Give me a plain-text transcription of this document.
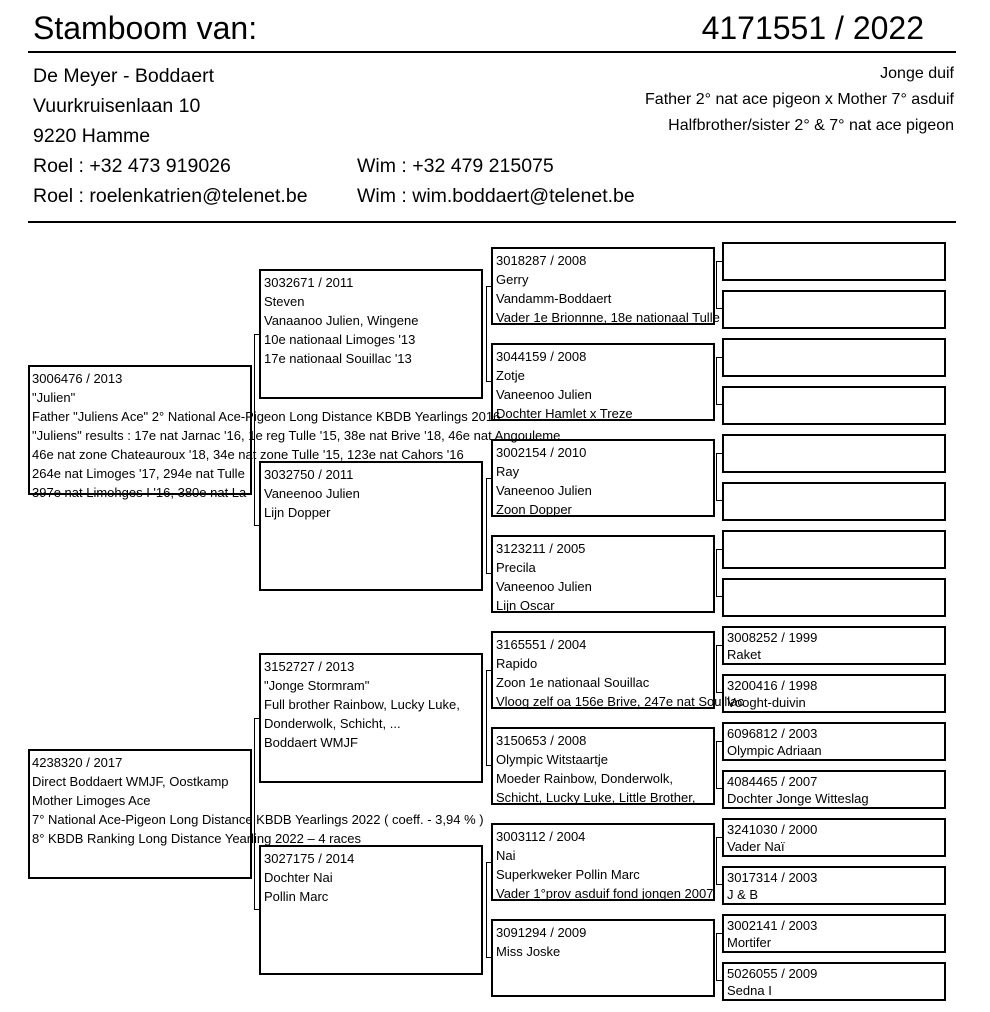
Stamboom van:	4171551 / 2022
De Meyer - Boddaert
Vuurkruisenlaan 10
9220 Hamme
Roel : +32 473 919026	Wim : +32 479 215075
Roel : roelenkatrien@telenet.be	Wim : wim.boddaert@telenet.be
Jonge duif
Father 2° nat ace pigeon x Mother 7° asduif
Halfbrother/sister 2° & 7° nat ace pigeon
3006476 / 2013
"Julien"
Father "Juliens Ace" 2° National Ace-Pigeon Long Distance KBDB Yearlings 2016
"Juliens" results : 17e nat Jarnac '16, 1e reg Tulle '15, 38e nat Brive '18, 46e nat Angouleme
46e nat zone Chateauroux '18, 34e nat zone Tulle '15, 123e nat Cahors '16
264e nat Limoges '17, 294e nat Tulle
397e nat Limohges I '16, 380e nat La
4238320 / 2017
Direct Boddaert WMJF, Oostkamp
Mother Limoges Ace
7° National Ace-Pigeon Long Distance KBDB Yearlings 2022 ( coeff. - 3,94 % )
8° KBDB Ranking Long Distance Yearling 2022 – 4 races
3032671 / 2011
Steven
Vanaanoo Julien, Wingene
10e nationaal Limoges '13
17e nationaal Souillac '13
3032750 / 2011
Vaneenoo Julien
Lijn Dopper
3152727 / 2013
"Jonge Stormram"
Full brother Rainbow, Lucky Luke,
Donderwolk, Schicht, ...
Boddaert WMJF
3027175 / 2014
Dochter Nai
Pollin Marc
3018287 / 2008
Gerry
Vandamm-Boddaert
Vader 1e Brionnne, 18e nationaal Tulle
3044159 / 2008
Zotje
Vaneenoo Julien
Dochter Hamlet x Treze
3002154 / 2010
Ray
Vaneenoo Julien
Zoon Dopper
3123211 / 2005
Precila
Vaneenoo Julien
Lijn Oscar
3165551 / 2004
Rapido
Zoon 1e nationaal Souillac
Vloog zelf oa 156e Brive, 247e nat Souillac
3150653 / 2008
Olympic Witstaartje
Moeder Rainbow, Donderwolk,
Schicht, Lucky Luke, Little Brother,
3003112 / 2004
Nai
Superkweker Pollin Marc
Vader 1°prov asduif fond jongen 2007
3091294 / 2009
Miss Joske
3008252 / 1999
Raket
3200416 / 1998
Vooght-duivin
6096812 / 2003
Olympic Adriaan
4084465 / 2007
Dochter Jonge Witteslag
3241030 / 2000
Vader Naï
3017314 / 2003
J & B
3002141 / 2003
Mortifer
5026055 / 2009
Sedna I
